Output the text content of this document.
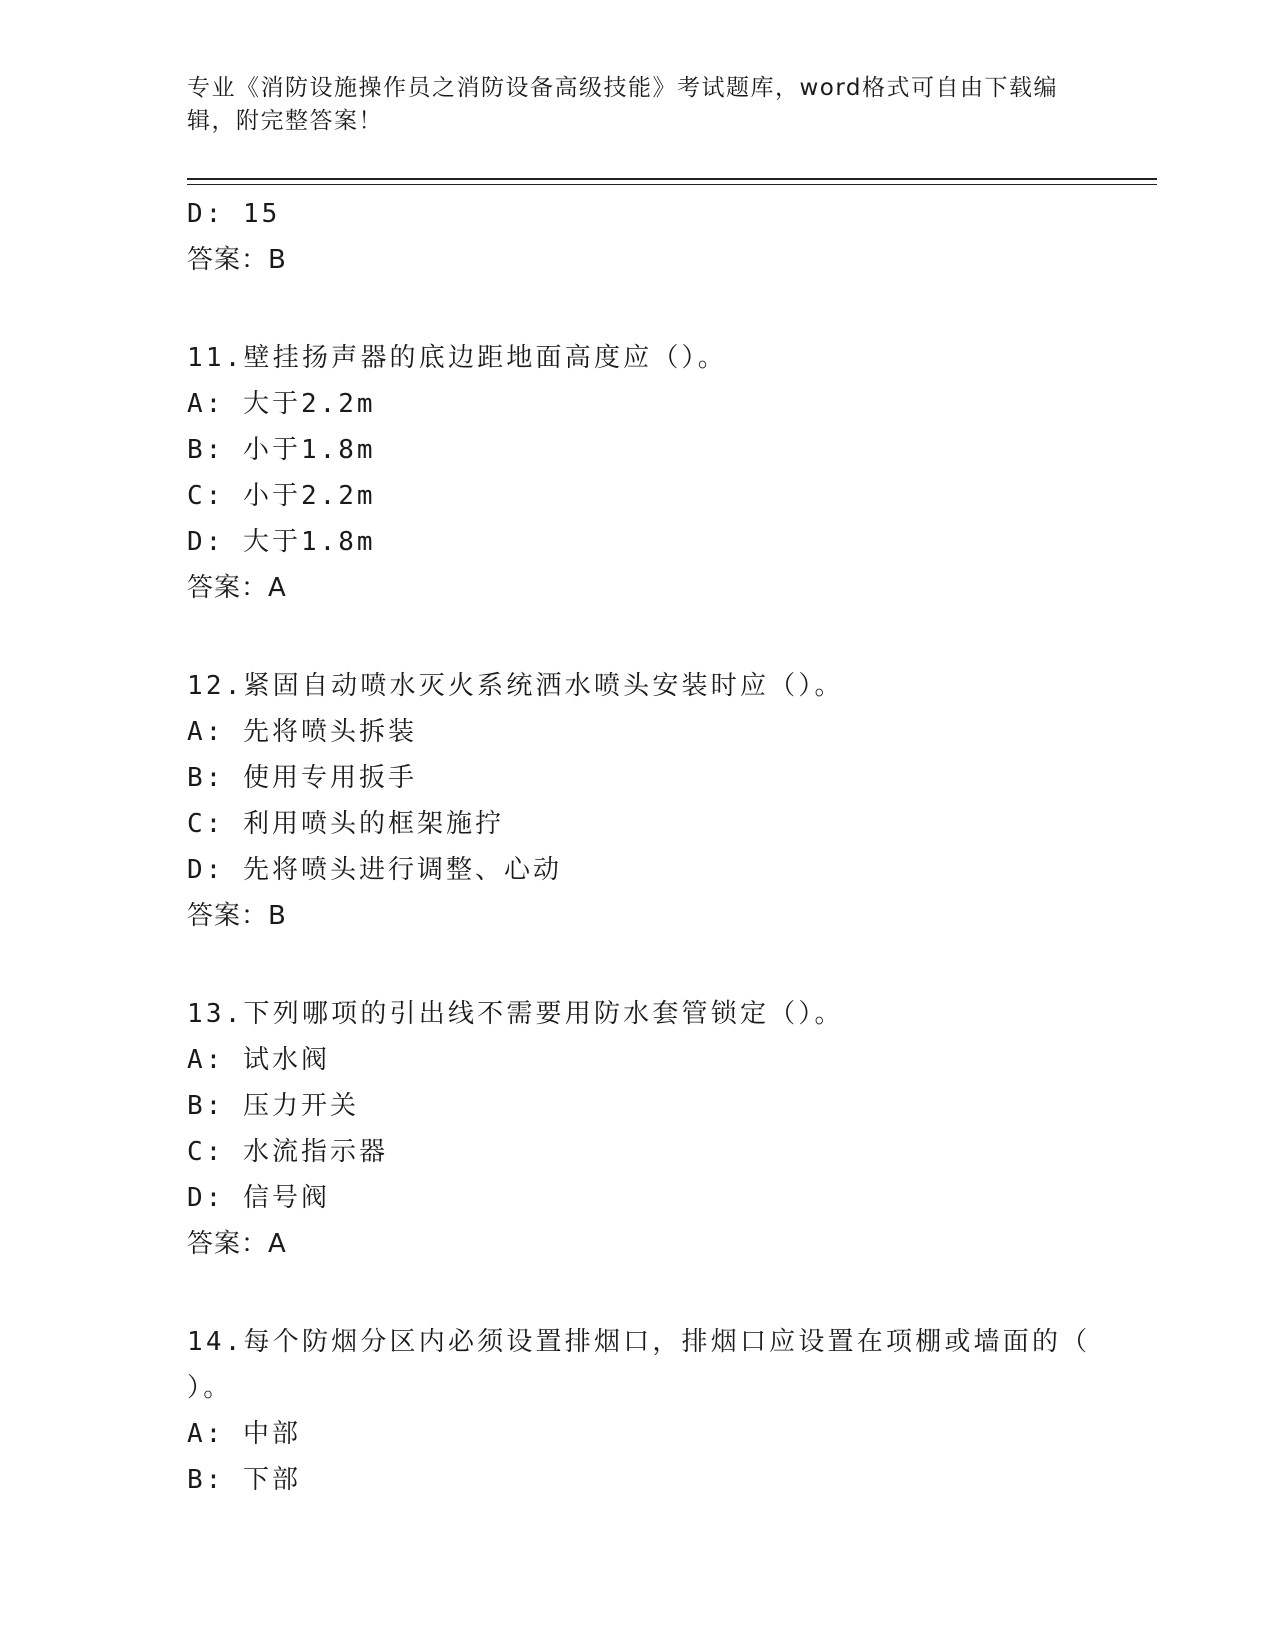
专业《消防设施操作员之消防设备高级技能》考试题库，word格式可自由下载编辑，附完整答案！
D: 15
答案：B
11.壁挂扬声器的底边距地面高度应（）。
A: 大于2.2m
B: 小于1.8m
C: 小于2.2m
D: 大于1.8m
答案：A
12.紧固自动喷水灭火系统洒水喷头安装时应（）。
A: 先将喷头拆装
B: 使用专用扳手
C: 利用喷头的框架施拧
D: 先将喷头进行调整、心动
答案：B
13.下列哪项的引出线不需要用防水套管锁定（）。
A: 试水阀
B: 压力开关
C: 水流指示器
D: 信号阀
答案：A
14.每个防烟分区内必须设置排烟口，排烟口应设置在项棚或墙面的（
）。
A: 中部
B: 下部
